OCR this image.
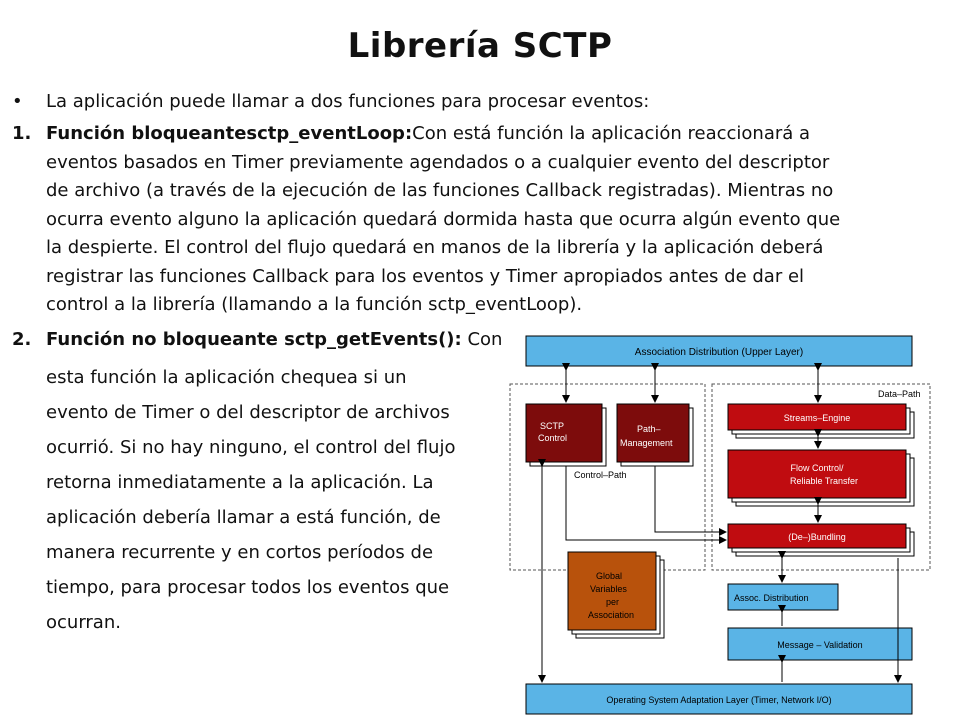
Librería SCTP
•	La aplicación puede llamar a dos funciones para procesar eventos:
1. Función bloqueantesctp_eventLoop:Con está función la aplicación reaccionará a
eventos basados en Timer previamente agendados o a cualquier evento del descriptor
de archivo (a través de la ejecución de las funciones Callback registradas). Mientras no
ocurra evento alguno la aplicación quedará dormida hasta que ocurra algún evento que
la despierte. El control del flujo quedará en manos de la librería y la aplicación deberá
registrar las funciones Callback para los eventos y Timer apropiados antes de dar el
control a la librería (llamando a la función sctp_eventLoop).
2. Función no bloqueante sctp_getEvents(): Con
esta función la aplicación chequea si un
evento de Timer o del descriptor de archivos
ocurrió. Si no hay ninguno, el control del flujo
retorna inmediatamente a la aplicación. La
aplicación debería llamar a está función, de
manera recurrente y en cortos períodos de
tiempo, para procesar todos los eventos que
ocurran.
Association Distribution (Upper Layer)
Data–Path
SCTP
Control
Path–
Management
Control–Path
Streams–Engine
Flow Control/
Reliable Transfer
(De–)Bundling
Global
Variables
per
Association
Assoc. Distribution
Message – Validation
Operating System Adaptation Layer (Timer, Network I/O)
